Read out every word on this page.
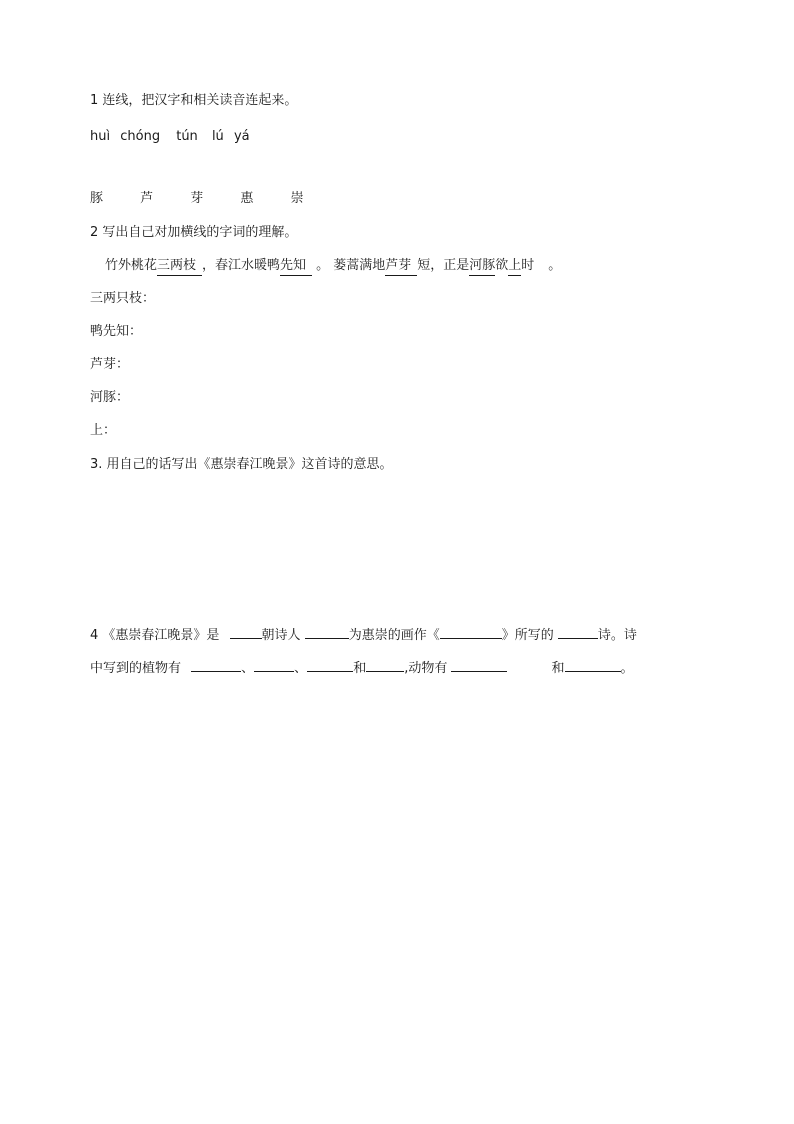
1 连线，把汉字和相关读音连起来。
huì chóng tún lú yá
豚	芦	芽	惠	崇
2 写出自己对加横线的字词的理解。
竹外桃花三两枝 ，春江水暖鸭先知 。 蒌蒿满地芦芽 短，正是河豚欲上时 。
三两只枝：
鸭先知：
芦芽：
河豚：
上：
3. 用自己的话写出《惠崇春江晚景》这首诗的意思。
4 《惠崇春江晚景》是	朝诗人	为惠崇的画作《	》所写的	诗。诗
中写到的植物有	、	、	和	,动物有	和	。
